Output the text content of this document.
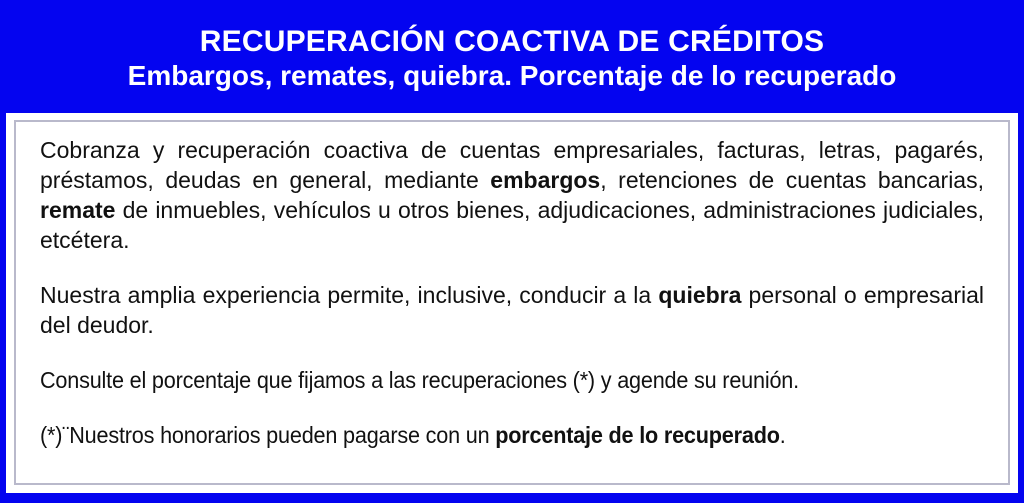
RECUPERACIÓN COACTIVA DE CRÉDITOS
Embargos, remates, quiebra. Porcentaje de lo recuperado

Cobranza y recuperación coactiva de cuentas empresariales, facturas, letras, pagarés, préstamos, deudas en general, mediante embargos, retenciones de cuentas bancarias, remate de inmuebles, vehículos u otros bienes, adjudicaciones, administraciones judiciales, etcétera.

Nuestra amplia experiencia permite, inclusive, conducir a la quiebra personal o empresarial del deudor.

Consulte el porcentaje que fijamos a las recuperaciones (*) y agende su reunión.

(*)¨Nuestros honorarios pueden pagarse con un porcentaje de lo recuperado.
